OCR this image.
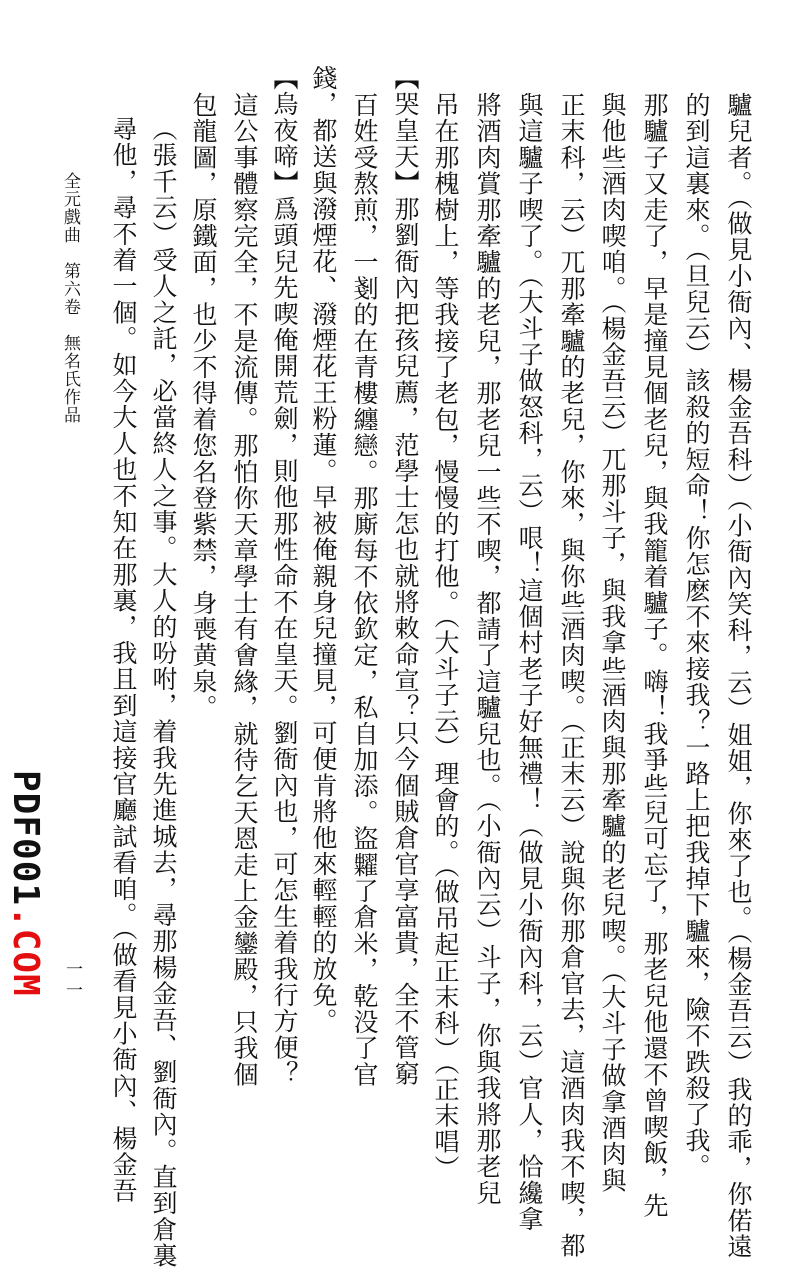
驢兒者。（做見小衙內、楊金吾科）（小衙內笑科，云）姐姐，你來了也。（楊金吾云）我的乖，你偌遠
的到這裏來。（旦兒云）該殺的短命！你怎麽不來接我？一路上把我掉下驢來，險不跌殺了我。
那驢子又走了，早是撞見個老兒，與我籠着驢子。嗨！我爭些兒可忘了，那老兒他還不曾喫飯，先
與他些酒肉喫咱。（楊金吾云）兀那斗子，與我拿些酒肉與那牽驢的老兒喫。（大斗子做拿酒肉與
正末科，云）兀那牽驢的老兒，你來，與你些酒肉喫。（正末云）說與你那倉官去，這酒肉我不喫，都
與這驢子喫了。（大斗子做怒科，云）哏！這個村老子好無禮！（做見小衙內科，云）官人，恰纔拿
將酒肉賞那牽驢的老兒，那老兒一些不喫，都請了這驢兒也。（小衙內云）斗子，你與我將那老兒
【哭皇天】那劉衙內把孩兒薦，范學士怎也就將敕命宣？只今個賊倉官享富貴，全不管窮
百姓受熬煎，一剗的在青樓纏戀。那廝每不依欽定，私自加添。盜糶了倉米，乾没了官
錢，都送與潑煙花、潑煙花王粉蓮。早被俺親身兒撞見，可便肯將他來輕輕的放免。
【烏夜啼】爲頭兒先喫俺開荒劍，則他那性命不在皇天。劉衙內也，可怎生着我行方便？
這公事體察完全，不是流傳。那怕你天章學士有㑹緣，就待乞天恩走上金鑾殿，只我個
包龍圖，原鐵面，也少不得着您名登紫禁，身喪黄泉。
（張千云）受人之託，必當終人之事。大人的吩咐，着我先進城去，尋那楊金吾、劉衙內。直到倉裏
尋他，尋不着一個。如今大人也不知在那裏，我且到這接官廳試看咱。（做看見小衙內、楊金吾
全元戲曲　第六卷　無名氏作品
一一
PDF001.COM	吊在那槐樹上，等我接了老包，慢慢的打他。（大斗子云）理會的。（做吊起正末科）（正末唱）
